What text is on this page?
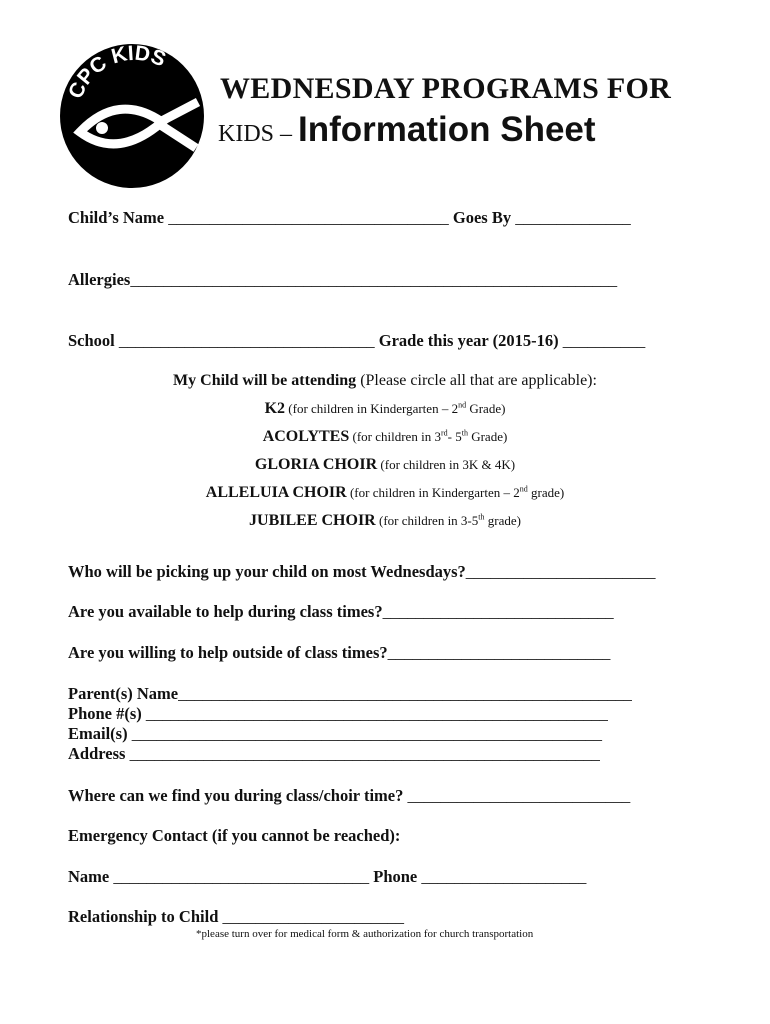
CPC KIDS
WEDNESDAY PROGRAMS FOR
KIDS – Information Sheet
Child’s Name __________________________________ Goes By ______________
Allergies___________________________________________________________
School _______________________________ Grade this year (2015-16) __________
My Child will be attending (Please circle all that are applicable):
K2 (for children in Kindergarten – 2nd Grade)
ACOLYTES (for children in 3rd- 5th Grade)
GLORIA CHOIR (for children in 3K & 4K)
ALLELUIA CHOIR (for children in Kindergarten – 2nd grade)
JUBILEE CHOIR (for children in 3-5th grade)
Who will be picking up your child on most Wednesdays?_______________________
Are you available to help during class times?____________________________
Are you willing to help outside of class times?___________________________
Parent(s) Name_______________________________________________________
Phone #(s) ________________________________________________________
Email(s) _________________________________________________________
Address _________________________________________________________
Where can we find you during class/choir time? ___________________________
Emergency Contact (if you cannot be reached):
Name _______________________________ Phone ____________________
Relationship to Child ______________________
*please turn over for medical form & authorization for church transportation
